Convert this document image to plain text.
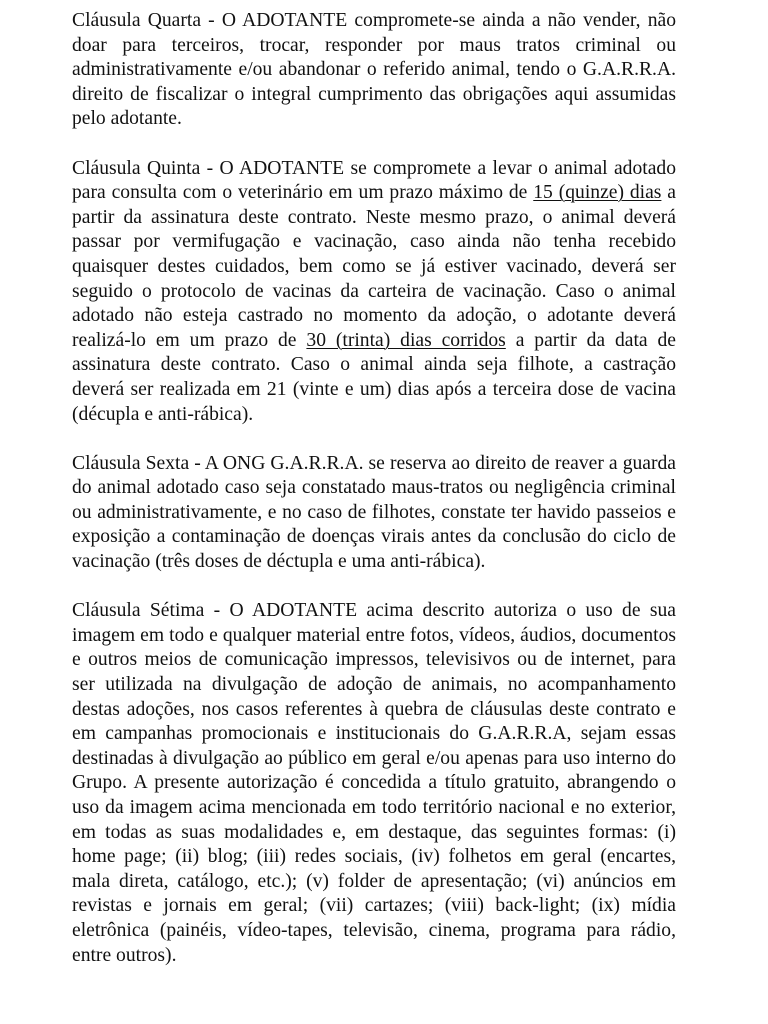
Cláusula Quarta - O ADOTANTE compromete-se ainda a não vender, não doar para terceiros, trocar, responder por maus tratos criminal ou administrativamente e/ou abandonar o referido animal, tendo o G.A.R.R.A. direito de fiscalizar o integral cumprimento das obrigações aqui assumidas pelo adotante.

Cláusula Quinta - O ADOTANTE se compromete a levar o animal adotado para consulta com o veterinário em um prazo máximo de 15 (quinze) dias a partir da assinatura deste contrato. Neste mesmo prazo, o animal deverá passar por vermifugação e vacinação, caso ainda não tenha recebido quaisquer destes cuidados, bem como se já estiver vacinado, deverá ser seguido o protocolo de vacinas da carteira de vacinação. Caso o animal adotado não esteja castrado no momento da adoção, o adotante deverá realizá-lo em um prazo de 30 (trinta) dias corridos a partir da data de assinatura deste contrato. Caso o animal ainda seja filhote, a castração deverá ser realizada em 21 (vinte e um) dias após a terceira dose de vacina (décupla e anti-rábica).

Cláusula Sexta - A ONG G.A.R.R.A. se reserva ao direito de reaver a guarda do animal adotado caso seja constatado maus-tratos ou negligência criminal ou administrativamente, e no caso de filhotes, constate ter havido passeios e exposição a contaminação de doenças virais antes da conclusão do ciclo de vacinação (três doses de déctupla e uma anti-rábica).

Cláusula Sétima - O ADOTANTE acima descrito autoriza o uso de sua imagem em todo e qualquer material entre fotos, vídeos, áudios, documentos e outros meios de comunicação impressos, televisivos ou de internet, para ser utilizada na divulgação de adoção de animais, no acompanhamento destas adoções, nos casos referentes à quebra de cláusulas deste contrato e em campanhas promocionais e institucionais do G.A.R.R.A, sejam essas destinadas à divulgação ao público em geral e/ou apenas para uso interno do Grupo. A presente autorização é concedida a título gratuito, abrangendo o uso da imagem acima mencionada em todo território nacional e no exterior, em todas as suas modalidades e, em destaque, das seguintes formas: (i) home page; (ii) blog; (iii) redes sociais, (iv) folhetos em geral (encartes, mala direta, catálogo, etc.); (v) folder de apresentação; (vi) anúncios em revistas e jornais em geral; (vii) cartazes; (viii) back-light; (ix) mídia eletrônica (painéis, vídeo-tapes, televisão, cinema, programa para rádio, entre outros).
